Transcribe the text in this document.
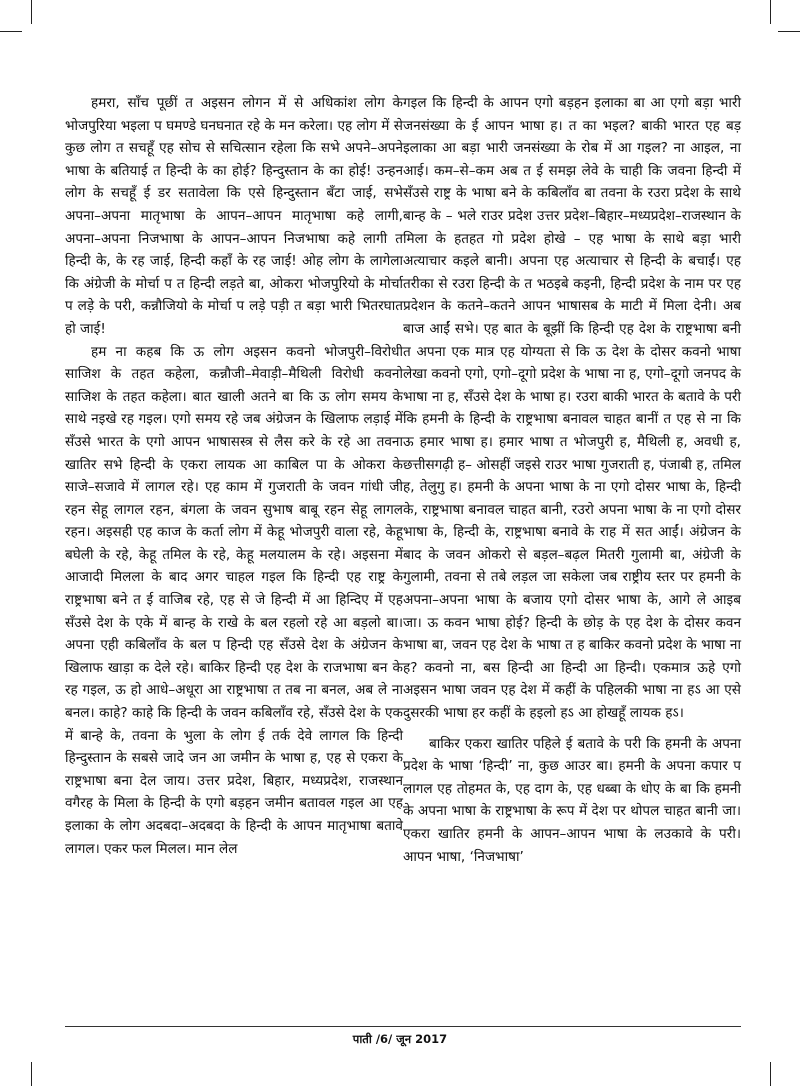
हमरा, साँच पूछीं त अइसन लोगन में से अधिकांश लोग के भोजपुरिया भइला प घमण्डे घनघनात रहे के मन करेला। एह लोग में से कुछ लोग त सचहूँ एह सोच से सचित्सान रहेला कि सभे अपने–अपने भाषा के बतियाई त हिन्दी के का होई? हिन्दुस्तान के का होई! उन्हन लोग के सचहूँ ई डर सतावेला कि एसे हिन्दुस्तान बँटा जाई, सभे अपना–अपना मातृभाषा के आपन–आपन मातृभाषा कहे लागी, अपना–अपना निजभाषा के आपन–आपन निजभाषा कहे लागी त हिन्दी के, के रह जाई, हिन्दी कहाँ के रह जाई! ओह लोग के लागेला कि अंग्रेजी के मोर्चा प त हिन्दी लड़ते बा, ओकरा भोजपुरियो के मोर्चा प लड़े के परी, कन्नौजियो के मोर्चा प लड़े पड़ी त बड़ा भारी भितरघात हो जाई!

हम ना कहब कि ऊ लोग अइसन कवनो भोजपुरी–विरोधी साजिश के तहत कहेला, कन्नौजी–मेवाड़ी–मैथिली विरोधी कवनो साजिश के तहत कहेला। बात खाली अतने बा कि ऊ लोग समय के साथे नइखे रह गइल। एगो समय रहे जब अंग्रेजन के खिलाफ लड़ाई में सँउसे भारत के एगो आपन भाषासस्त्र से लैस करे के रहे आ तवना खातिर सभे हिन्दी के एकरा लायक आ काबिल पा के ओकरा के साजे–सजावे में लागल रहे। एह काम में गुजराती के जवन गांधी जी रहन सेहू लागल रहन, बंगला के जवन सुभाष बाबू रहन सेहू लागल रहन। अइसही एह काज के कर्ता लोग में केहू भोजपुरी वाला रहे, केहू बघेली के रहे, केहू तमिल के रहे, केहू मलयालम के रहे। अइसना में आजादी मिलला के बाद अगर चाहल गइल कि हिन्दी एह राष्ट्र के राष्ट्रभाषा बने त ई वाजिब रहे, एह से जे हिन्दी में आ हिन्दिए में एह सँउसे देश के एके में बान्ह के राखे के बल रहलो रहे आ बड़लो बा। अपना एही कबिलाँव के बल प हिन्दी एह सँउसे देश के अंग्रेजन के खिलाफ खाड़ा क देले रहे। बाकिर हिन्दी एह देश के राजभाषा बन के रह गइल, ऊ हो आधे–अधूरा आ राष्ट्रभाषा त तब ना बनल, अब ले ना बनल। काहे? काहे कि हिन्दी के जवन कबिलाँव रहे, सँउसे देश के एक में बान्हे के, तवना के भुला के लोग ई तर्क देवे लागल कि हिन्दी हिन्दुस्तान के सबसे जादे जन आ जमीन के भाषा ह, एह से एकरा के राष्ट्रभाषा बना देल जाय। उत्तर प्रदेश, बिहार, मध्यप्रदेश, राजस्थान वगैरह के मिला के हिन्दी के एगो बड़हन जमीन बतावल गइल आ एह इलाका के लोग अदबदा–अदबदा के हिन्दी के आपन मातृभाषा बतावे लागल। एकर फल मिलल। मान लेल

गइल कि हिन्दी के आपन एगो बड़हन इलाका बा आ एगो बड़ा भारी जनसंख्या के ई आपन भाषा ह। त का भइल? बाकी भारत एह बड़ इलाका आ बड़ा भारी जनसंख्या के रोब में आ गइल? ना आइल, ना आई। कम–से–कम अब त ई समझ लेवे के चाही कि जवना हिन्दी में सँउसे राष्ट्र के भाषा बने के कबिलाँव बा तवना के रउरा प्रदेश के साथे बान्ह के – भले राउर प्रदेश उत्तर प्रदेश–बिहार–मध्यप्रदेश–राजस्थान के मिला के हतहत गो प्रदेश होखे – एह भाषा के साथे बड़ा भारी अत्याचार कइले बानी। अपना एह अत्याचार से हिन्दी के बचाईं। एह तरीका से रउरा हिन्दी के त भठइबे कइनी, हिन्दी प्रदेश के नाम पर एह प्रदेशन के कतने–कतने आपन भाषासब के माटी में मिला देनी। अब बाज आईं सभे। एह बात के बूझीं कि हिन्दी एह देश के राष्ट्रभाषा बनी त अपना एक मात्र एह योग्यता से कि ऊ देश के दोसर कवनो भाषा लेखा कवनो एगो, एगो–दूगो प्रदेश के भाषा ना ह, एगो–दूगो जनपद के भाषा ना ह, सँउसे देश के भाषा ह। रउरा बाकी भारत के बतावे के परी कि हमनी के हिन्दी के राष्ट्रभाषा बनावल चाहत बानीं त एह से ना कि ऊ हमार भाषा ह। हमार भाषा त भोजपुरी ह, मैथिली ह, अवधी ह, छत्तीसगढ़ी ह– ओसहीं जइसे राउर भाषा गुजराती ह, पंजाबी ह, तमिल ह, तेलुगु ह। हमनी के अपना भाषा के ना एगो दोसर भाषा के, हिन्दी के, राष्ट्रभाषा बनावल चाहत बानी, रउरो अपना भाषा के ना एगो दोसर भाषा के, हिन्दी के, राष्ट्रभाषा बनावे के राह में सत आईं। अंग्रेजन के बाद के जवन ओकरो से बड़ल–बढ़ल मितरी गुलामी बा, अंग्रेजी के गुलामी, तवना से तबे लड़ल जा सकेला जब राष्ट्रीय स्तर पर हमनी के अपना–अपना भाषा के बजाय एगो दोसर भाषा के, आगे ले आइब जा। ऊ कवन भाषा होई? हिन्दी के छोड़ के एह देश के दोसर कवन भाषा बा, जवन एह देश के भाषा त ह बाकिर कवनो प्रदेश के भाषा ना ह? कवनो ना, बस हिन्दी आ हिन्दी आ हिन्दी। एकमात्र ऊहे एगो अइसन भाषा जवन एह देश में कहीं के पहिलकी भाषा ना हऽ आ एसे दुसरकी भाषा हर कहीं के हइलो हऽ आ होखहूँ लायक हऽ।

बाकिर एकरा खातिर पहिले ई बतावे के परी कि हमनी के अपना प्रदेश के भाषा ‘हिन्दी’ ना, कुछ आउर बा। हमनी के अपना कपार प लागल एह तोहमत के, एह दाग के, एह धब्बा के धोए के बा कि हमनी के अपना भाषा के राष्ट्रभाषा के रूप में देश पर थोपल चाहत बानी जा। एकरा खातिर हमनी के आपन–आपन भाषा के लउकावे के परी। आपन भाषा, ‘निजभाषा’

पाती /6/ जून 2017
